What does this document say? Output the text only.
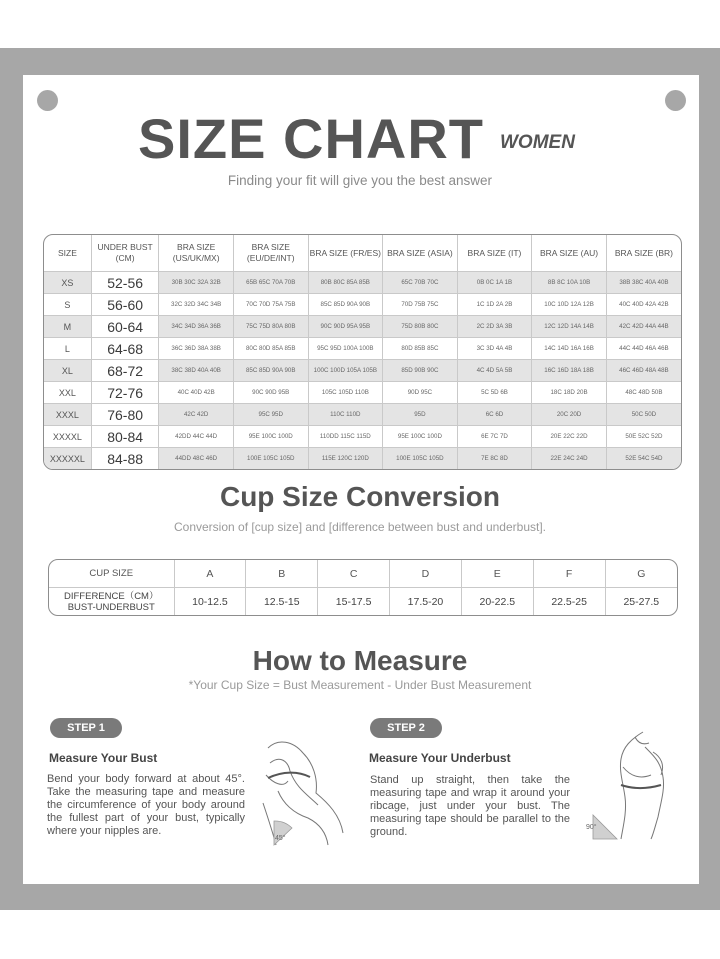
SIZE CHART WOMEN
Finding your fit will give you the best answer
SIZE	UNDER BUST (CM)	BRA SIZE (US/UK/MX)	BRA SIZE (EU/DE/INT)	BRA SIZE (FR/ES)	BRA SIZE (ASIA)	BRA SIZE (IT)	BRA SIZE (AU)	BRA SIZE (BR)
XS	52-56	30B 30C 32A 32B	65B 65C 70A 70B	80B 80C 85A 85B	65C 70B 70C	0B 0C 1A 1B	8B 8C 10A 10B	38B 38C 40A 40B
S	56-60	32C 32D 34C 34B	70C 70D 75A 75B	85C 85D 90A 90B	70D 75B 75C	1C 1D 2A 2B	10C 10D 12A 12B	40C 40D 42A 42B
M	60-64	34C 34D 36A 36B	75C 75D 80A 80B	90C 90D 95A 95B	75D 80B 80C	2C 2D 3A 3B	12C 12D 14A 14B	42C 42D 44A 44B
L	64-68	36C 36D 38A 38B	80C 80D 85A 85B	95C 95D 100A 100B	80D 85B 85C	3C 3D 4A 4B	14C 14D 16A 16B	44C 44D 46A 46B
XL	68-72	38C 38D 40A 40B	85C 85D 90A 90B	100C 100D 105A 105B	85D 90B 90C	4C 4D 5A 5B	16C 16D 18A 18B	46C 46D 48A 48B
XXL	72-76	40C 40D 42B	90C 90D 95B	105C 105D 110B	90D 95C	5C 5D 6B	18C 18D 20B	48C 48D 50B
XXXL	76-80	42C 42D	95C 95D	110C 110D	95D	6C 6D	20C 20D	50C 50D
XXXXL	80-84	42DD 44C 44D	95E 100C 100D	110DD 115C 115D	95E 100C 100D	6E 7C 7D	20E 22C 22D	50E 52C 52D
XXXXXL	84-88	44DD 48C 46D	100E 105C 105D	115E 120C 120D	100E 105C 105D	7E 8C 8D	22E 24C 24D	52E 54C 54D
Cup Size Conversion
Conversion of [cup size] and [difference between bust and underbust].
CUP SIZE	A	B	C	D	E	F	G
DIFFERENCE（CM）
BUST-UNDERBUST	10-12.5	12.5-15	15-17.5	17.5-20	20-22.5	22.5-25	25-27.5
How to Measure
*Your Cup Size = Bust Measurement - Under Bust Measurement
STEP 1
Measure Your Bust
Bend your body forward at about 45°. Take the measuring tape and measure the circumference of your body around the fullest part of your bust, typically where your nipples are.
45°
STEP 2
Measure Your Underbust
Stand up straight, then take the measuring tape and wrap it around your ribcage, just under your bust. The measuring tape should be parallel to the ground.	90°
